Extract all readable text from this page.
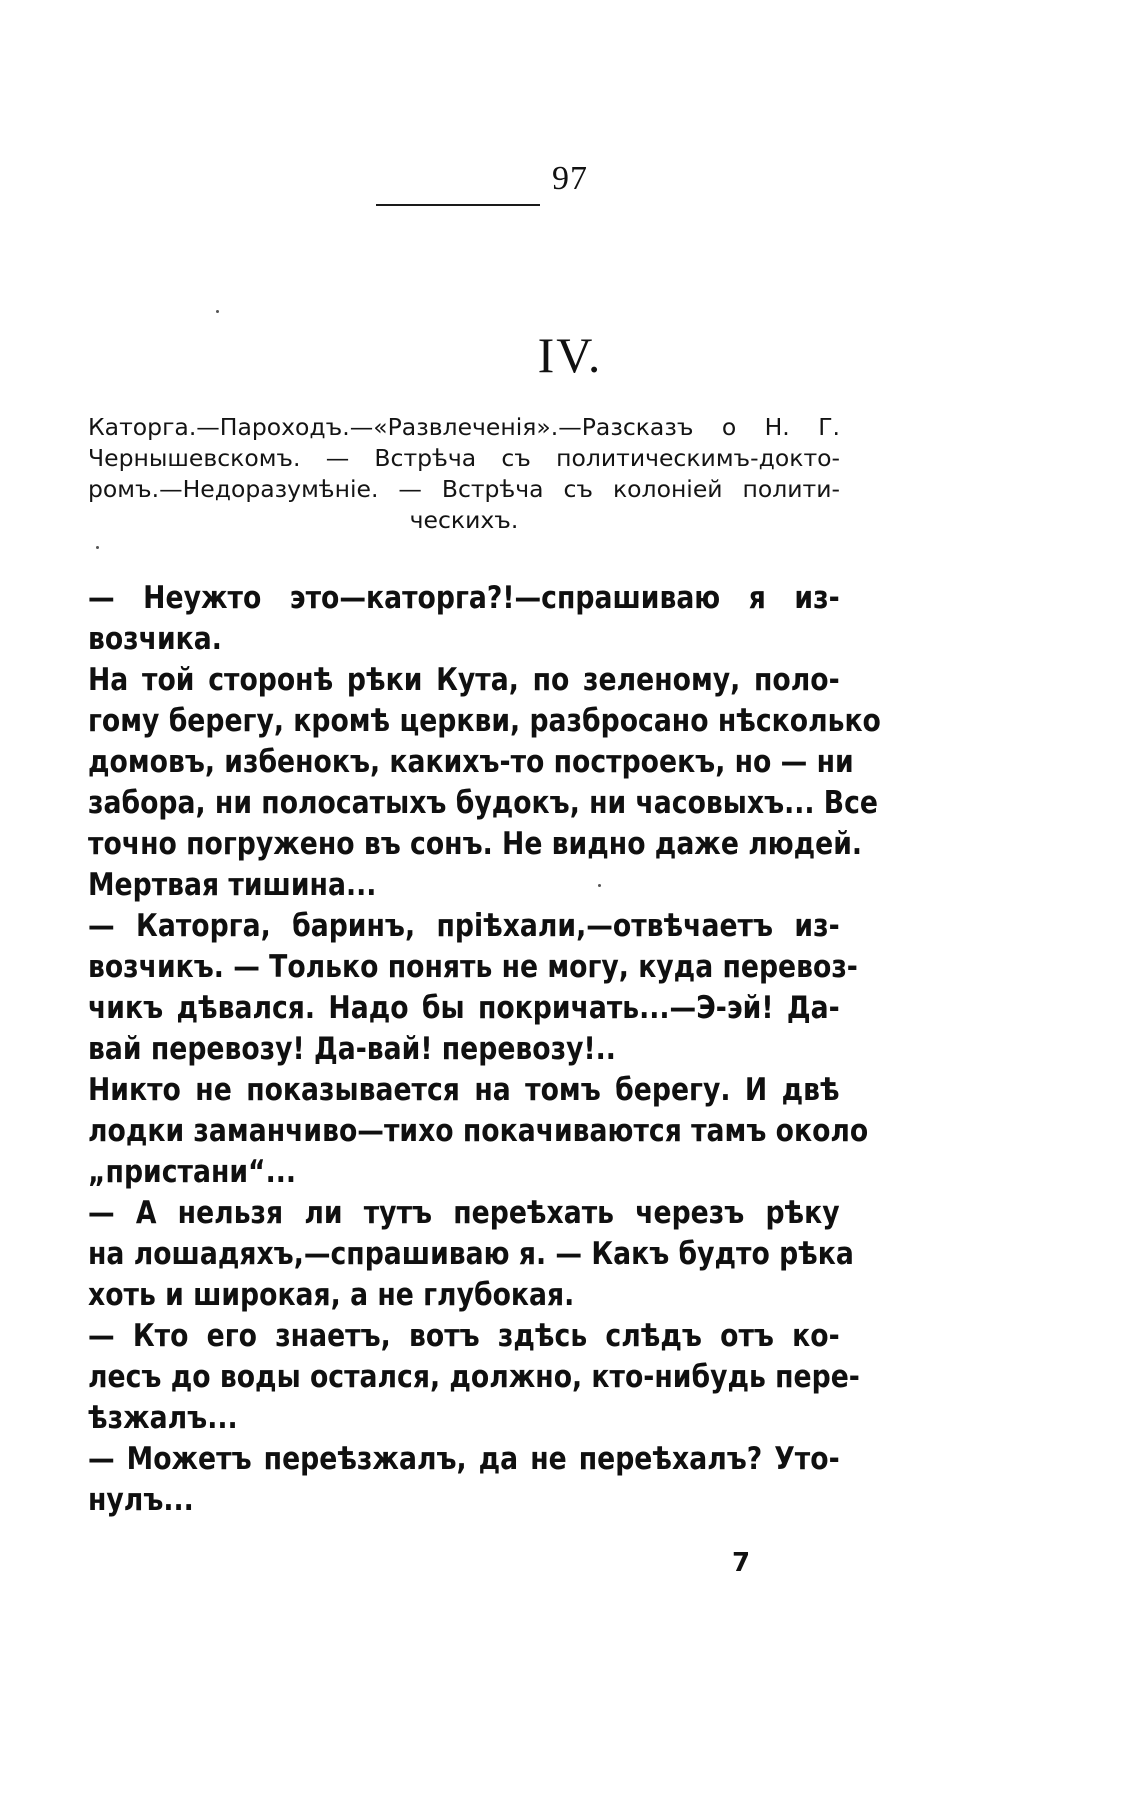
97
IV.
Каторга.—Пароходъ.—«Развлеченія».—Разсказъ о Н. Г.
Чернышевскомъ. — Встрѣча съ политическимъ-докто-
ромъ.—Недоразумѣніе. — Встрѣча съ колоніей полити-
ческихъ.
— Неужто это—каторга?!—спрашиваю я из-
возчика.
На той сторонѣ рѣки Кута, по зеленому, поло-
гому берегу, кромѣ церкви, разбросано нѣсколько
домовъ, избенокъ, какихъ-то построекъ, но — ни
забора, ни полосатыхъ будокъ, ни часовыхъ... Все
точно погружено въ сонъ. Не видно даже людей.
Мертвая тишина...
— Каторга, баринъ, пріѣхали,—отвѣчаетъ из-
возчикъ. — Только понять не могу, куда перевоз-
чикъ дѣвался. Надо бы покричать...—Э-эй! Да-
вай перевозу! Да-вай! перевозу!..
Никто не показывается на томъ берегу. И двѣ
лодки заманчиво—тихо покачиваются тамъ около
„пристани“...
— А нельзя ли тутъ переѣхать черезъ рѣку
на лошадяхъ,—спрашиваю я. — Какъ будто рѣка
хоть и широкая, а не глубокая.
— Кто его знаетъ, вотъ здѣсь слѣдъ отъ ко-
лесъ до воды остался, должно, кто-нибудь пере-
ѣзжалъ...
— Можетъ переѣзжалъ, да не переѣхалъ? Уто-
нулъ...
7
